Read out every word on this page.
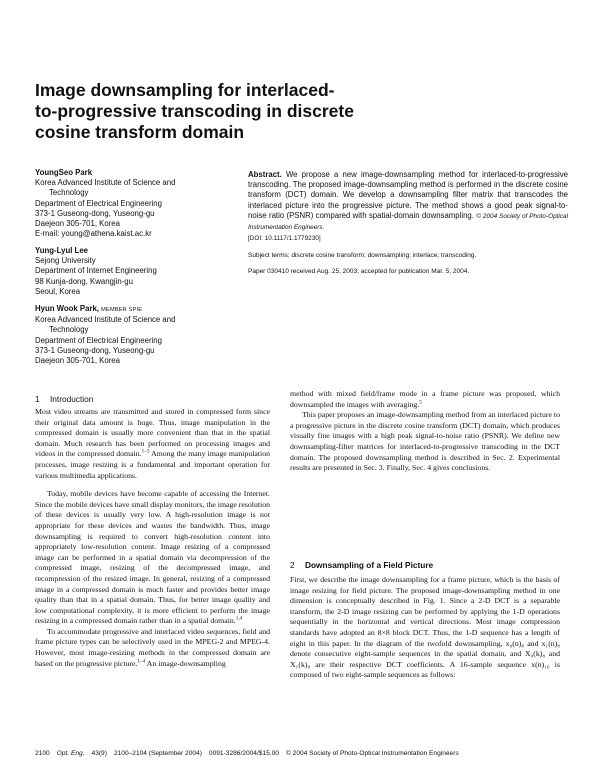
Image downsampling for interlaced-
to-progressive transcoding in discrete
cosine transform domain
YoungSeo Park
Korea Advanced Institute of Science and
Technology
Department of Electrical Engineering
373-1 Guseong-dong, Yuseong-gu
Daejeon 305-701, Korea
E-mail: young@athena.kaist.ac.kr
Yung-Lyul Lee
Sejong University
Department of Internet Engineering
98 Kunja-dong, Kwangjin-gu
Seoul, Korea
Hyun Wook Park, MEMBER SPIE
Korea Advanced Institute of Science and
Technology
Department of Electrical Engineering
373-1 Guseong-dong, Yuseong-gu
Daejeon 305-701, Korea
Abstract. We propose a new image-downsampling method for interlaced-to-progressive transcoding. The proposed image-downsampling method is performed in the discrete cosine transform (DCT) domain. We develop a downsampling filter matrix that transcodes the interlaced picture into the progressive picture. The method shows a good peak signal-to-noise ratio (PSNR) compared with spatial-domain downsampling. © 2004 Society of Photo-Optical Instrumentation Engineers.
[DOI: 10.1117/1.1779230]
Subject terms: discrete cosine transform; downsampling; interlace; transcoding.
Paper 030410 received Aug. 25, 2003; accepted for publication Mar. 5, 2004.
1 Introduction

Most video streams are transmitted and stored in compressed form since their original data amount is huge. Thus, image manipulation in the compressed domain is usually more convenient than that in the spatial domain. Much research has been performed on processing images and videos in the compressed domain.$^{1-3}$ Among the many image manipulation processes, image resizing is a fundamental and important operation for various multimedia applications.

Today, mobile devices have become capable of accessing the Internet. Since the mobile devices have small display monitors, the image resolution of these devices is usually very low. A high-resolution image is not appropriate for these devices and wastes the bandwidth. Thus, image downsampling is required to convert high-resolution content into appropriately low-resolution content. Image resizing of a compressed image can be performed in a spatial domain via decompression of the compressed image, resizing of the decompressed image, and recompression of the resized image. In general, resizing of a compressed image in a compressed domain is much faster and provides better image quality than that in a spatial domain. Thus, for better image quality and low computational complexity, it is more efficient to perform the image resizing in a compressed domain rather than in a spatial domain.$^{1,4}$

To accommodate progressive and interlaced video sequences, field and frame picture types can be selectively used in the MPEG-2 and MPEG-4. However, most image-resizing methods in the compressed domain are based on the progressive picture.$^{1-4}$ An image-downsampling

method with mixed field/frame mode in a frame picture was proposed, which downsampled the images with averaging.$^5$

This paper proposes an image-downsampling method from an interlaced picture to a progressive picture in the discrete cosine transform (DCT) domain, which produces visually fine images with a high peak signal-to-noise ratio (PSNR). We define new downsampling-filter matrices for interlaced-to-progressive transcoding in the DCT domain. The proposed downsampling method is described in Sec. 2. Experimental results are presented in Sec. 3. Finally, Sec. 4 gives conclusions.

2 Downsampling of a Field Picture

First, we describe the image downsampling for a frame picture, which is the basis of image resizing for field picture. The proposed image-downsampling method in one dimension is conceptually described in Fig. 1. Since a 2-D DCT is a separable transform, the 2-D image resizing can be performed by applying the 1-D operations sequentially in the horizontal and vertical directions. Most image compression standards have adopted an 8×8 block DCT. Thus, the 1-D sequence has a length of eight in this paper. In the diagram of the twofold downsampling, x₀(n)₈ and x₁(n)₈ denote consecutive eight-sample sequences in the spatial domain, and X₀(k)₈ and X₁(k)₈ are their respective DCT coefficients. A 16-sample sequence x(n)₁₆ is composed of two eight-sample sequences as follows:

2100 Opt. Eng. 43(9) 2100–2104 (September 2004) 0091-3286/2004/$15.00 © 2004 Society of Photo-Optical Instrumentation Engineers
